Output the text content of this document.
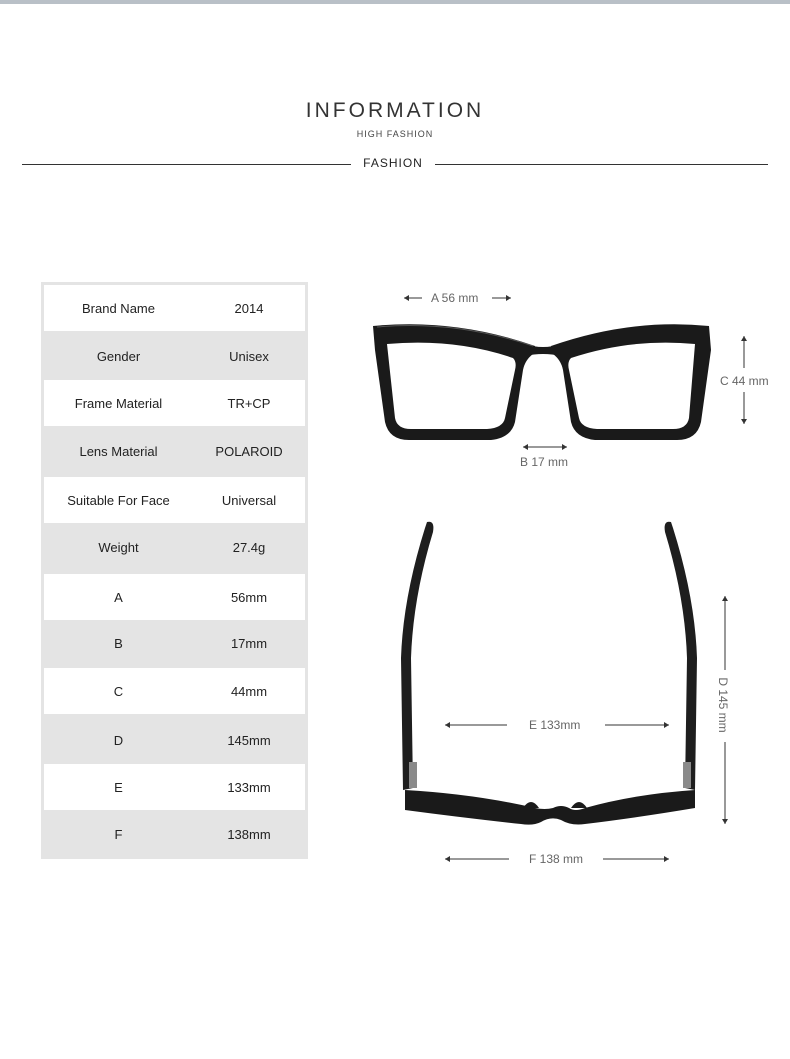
INFORMATION
HIGH FASHION
FASHION
Brand Name	2014
Gender	Unisex
Frame Material	TR+CP
Lens Material	POLAROID
Suitable For Face	Universal
Weight	27.4g
A	56mm
B	17mm
C	44mm
D	145mm
E	133mm
F	138mm
A 56 mm
B 17 mm
C 44 mm
D 145 mm
E 133mm
F 138 mm
